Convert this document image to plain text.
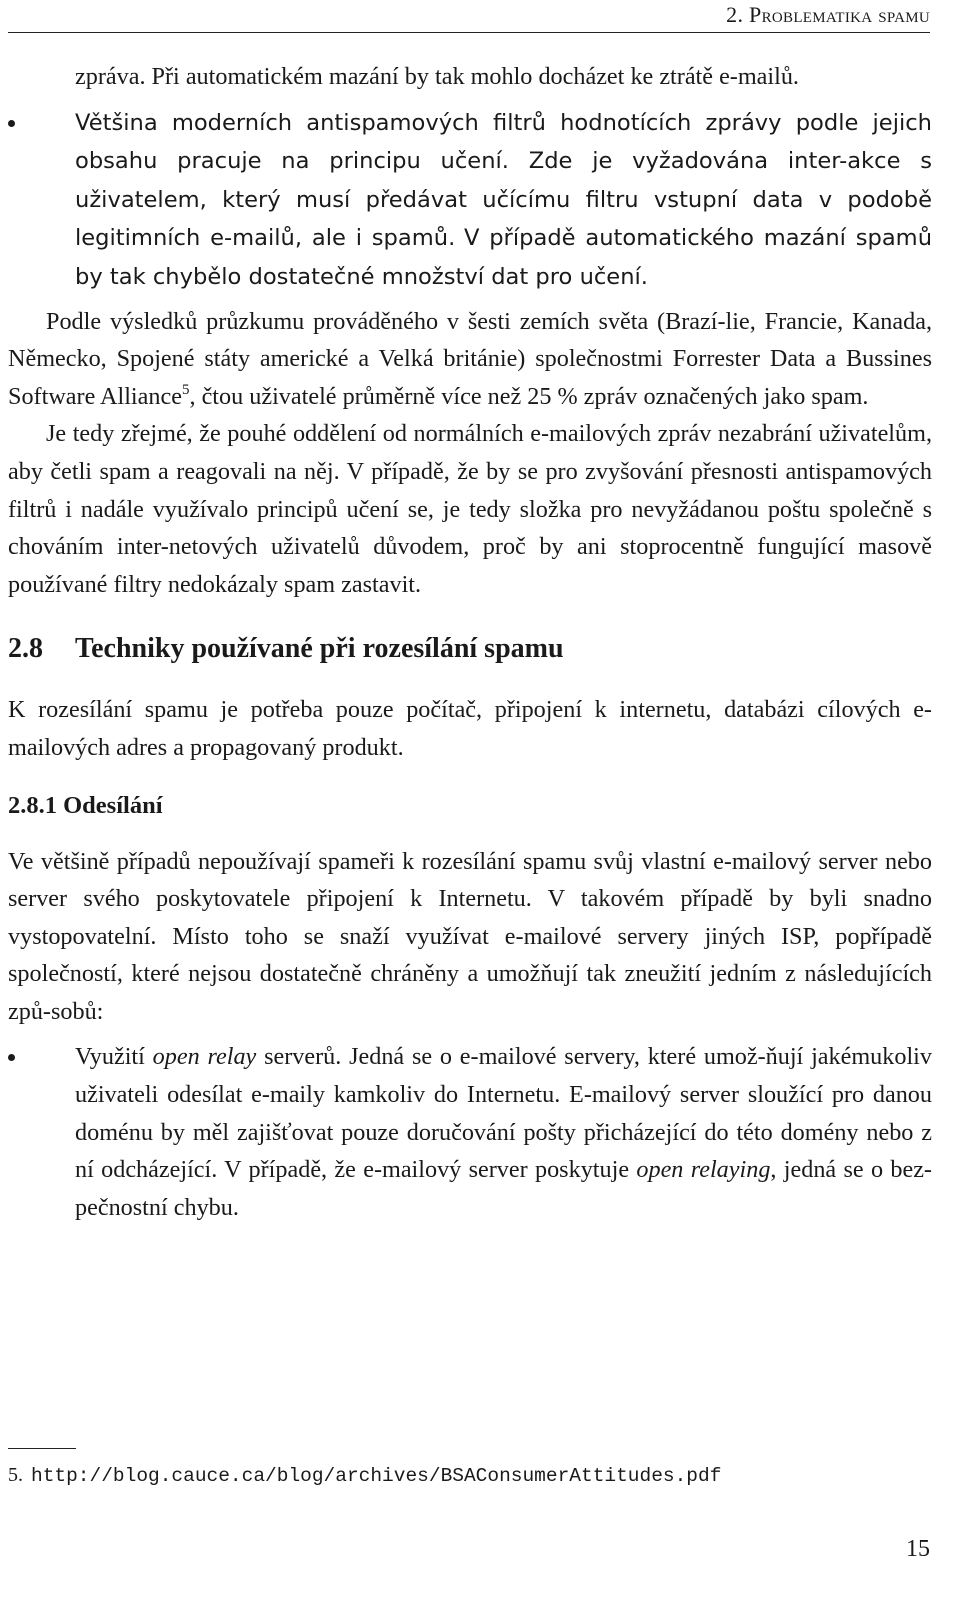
2. Problematika spamu

zpráva. Při automatickém mazání by tak mohlo docházet ke ztrátě e-mailů.

Většina moderních antispamových filtrů hodnotících zprávy podle jejich obsahu pracuje na principu učení. Zde je vyžadována inter-akce s uživatelem, který musí předávat učícímu filtru vstupní data v podobě legitimních e-mailů, ale i spamů. V případě automatického mazání spamů by tak chybělo dostatečné množství dat pro učení.

Podle výsledků průzkumu prováděného v šesti zemích světa (Brazí-lie, Francie, Kanada, Německo, Spojené státy americké a Velká británie) společnostmi Forrester Data a Bussines Software Alliance$^5$, čtou uživatelé průměrně více než 25 % zpráv označených jako spam.

Je tedy zřejmé, že pouhé oddělení od normálních e-mailových zpráv nezabrání uživatelům, aby četli spam a reagovali na něj. V případě, že by se pro zvyšování přesnosti antispamových filtrů i nadále využívalo principů učení se, je tedy složka pro nevyžádanou poštu společně s chováním inter-netových uživatelů důvodem, proč by ani stoprocentně fungující masově používané filtry nedokázaly spam zastavit.

2.8 Techniky používané při rozesílání spamu

K rozesílání spamu je potřeba pouze počítač, připojení k internetu, databázi cílových e-mailových adres a propagovaný produkt.

2.8.1 Odesílání

Ve většině případů nepoužívají spameři k rozesílání spamu svůj vlastní e-mailový server nebo server svého poskytovatele připojení k Internetu. V takovém případě by byli snadno vystopovatelní. Místo toho se snaží využívat e-mailové servery jiných ISP, popřípadě společností, které nejsou dostatečně chráněny a umožňují tak zneužití jedním z následujících způ-sobů:

Využití open relay serverů. Jedná se o e-mailové servery, které umož-ňují jakémukoliv uživateli odesílat e-maily kamkoliv do Internetu. E-mailový server sloužící pro danou doménu by měl zajišťovat pouze doručování pošty přicházející do této domény nebo z ní odcházející. V případě, že e-mailový server poskytuje open relaying, jedná se o bez-pečnostní chybu.
5. http://blog.cauce.ca/blog/archives/BSAConsumerAttitudes.pdf
15
